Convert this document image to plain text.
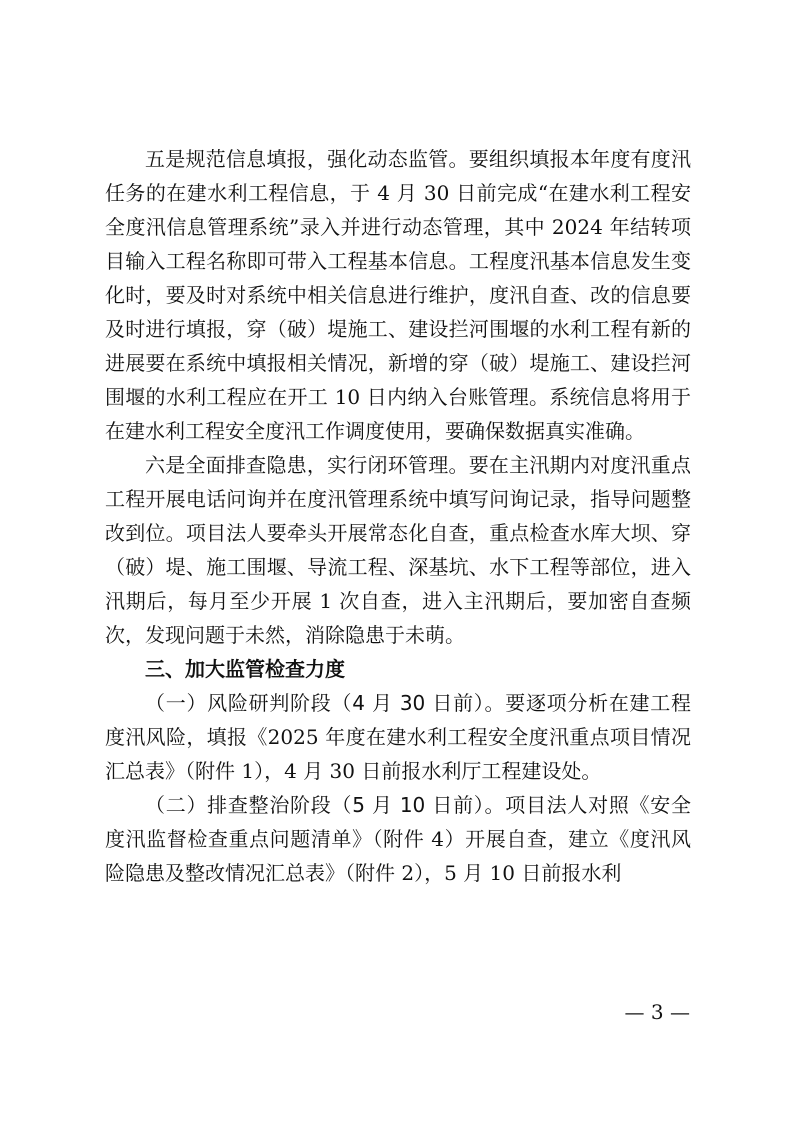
五是规范信息填报，强化动态监管。要组织填报本年度有度汛任务的在建水利工程信息，于 4 月 30 日前完成“在建水利工程安全度汛信息管理系统”录入并进行动态管理，其中 2024 年结转项目输入工程名称即可带入工程基本信息。工程度汛基本信息发生变化时，要及时对系统中相关信息进行维护，度汛自查、改的信息要及时进行填报，穿（破）堤施工、建设拦河围堰的水利工程有新的进展要在系统中填报相关情况，新增的穿（破）堤施工、建设拦河围堰的水利工程应在开工 10 日内纳入台账管理。系统信息将用于在建水利工程安全度汛工作调度使用，要确保数据真实准确。

六是全面排查隐患，实行闭环管理。要在主汛期内对度汛重点工程开展电话问询并在度汛管理系统中填写问询记录，指导问题整改到位。项目法人要牵头开展常态化自查，重点检查水库大坝、穿（破）堤、施工围堰、导流工程、深基坑、水下工程等部位，进入汛期后，每月至少开展 1 次自查，进入主汛期后，要加密自查频次，发现问题于未然，消除隐患于未萌。

三、加大监管检查力度

（一）风险研判阶段（4 月 30 日前）。要逐项分析在建工程度汛风险，填报《2025 年度在建水利工程安全度汛重点项目情况汇总表》（附件 1），4 月 30 日前报水利厅工程建设处。

（二）排查整治阶段（5 月 10 日前）。项目法人对照《安全度汛监督检查重点问题清单》（附件 4）开展自查，建立《度汛风险隐患及整改情况汇总表》（附件 2），5 月 10 日前报水利

— 3 —
